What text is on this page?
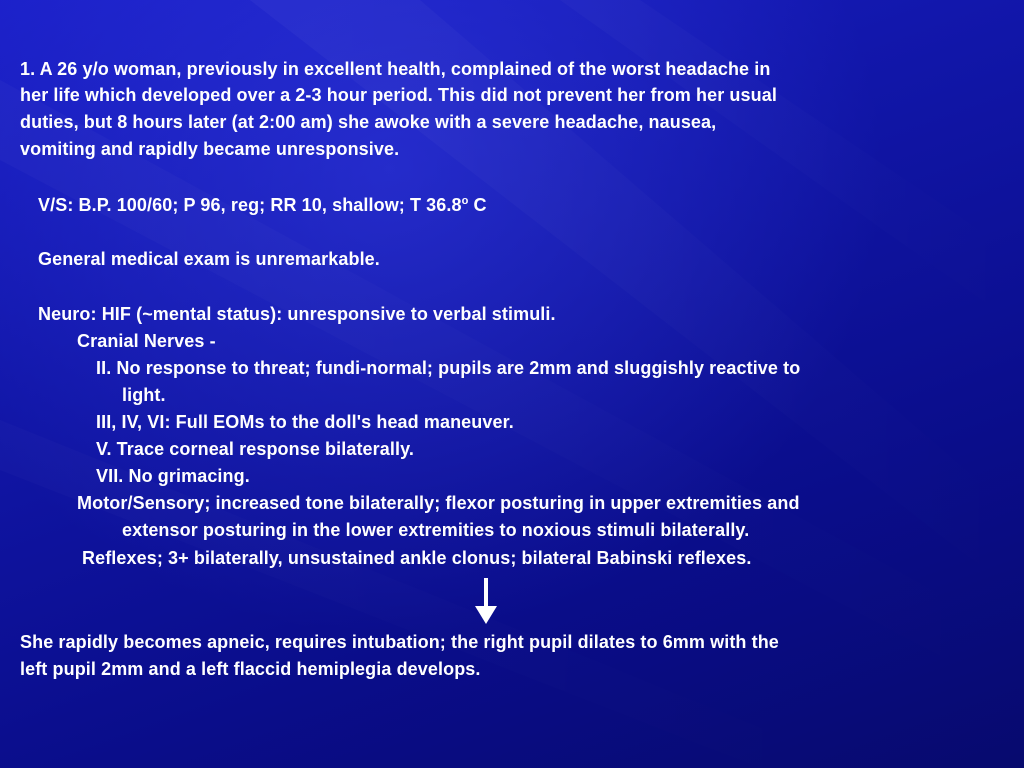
1. A 26 y/o woman, previously in excellent health, complained of the worst headache in
her life which developed over a 2-3 hour period. This did not prevent her from her usual
duties, but 8 hours later (at 2:00 am) she awoke with a severe headache, nausea,
vomiting and rapidly became unresponsive.
V/S: B.P. 100/60; P 96, reg; RR 10, shallow; T 36.8$^o$ C
General medical exam is unremarkable.
Neuro: HIF (~mental status): unresponsive to verbal stimuli.
Cranial Nerves -
II. No response to threat; fundi-normal; pupils are 2mm and sluggishly reactive to
light.
III, IV, VI: Full EOMs to the doll's head maneuver.
V. Trace corneal response bilaterally.
VII. No grimacing.
Motor/Sensory; increased tone bilaterally; flexor posturing in upper extremities and
extensor posturing in the lower extremities to noxious stimuli bilaterally.
Reflexes; 3+ bilaterally, unsustained ankle clonus; bilateral Babinski reflexes.
She rapidly becomes apneic, requires intubation; the right pupil dilates to 6mm with the
left pupil 2mm and a left flaccid hemiplegia develops.
